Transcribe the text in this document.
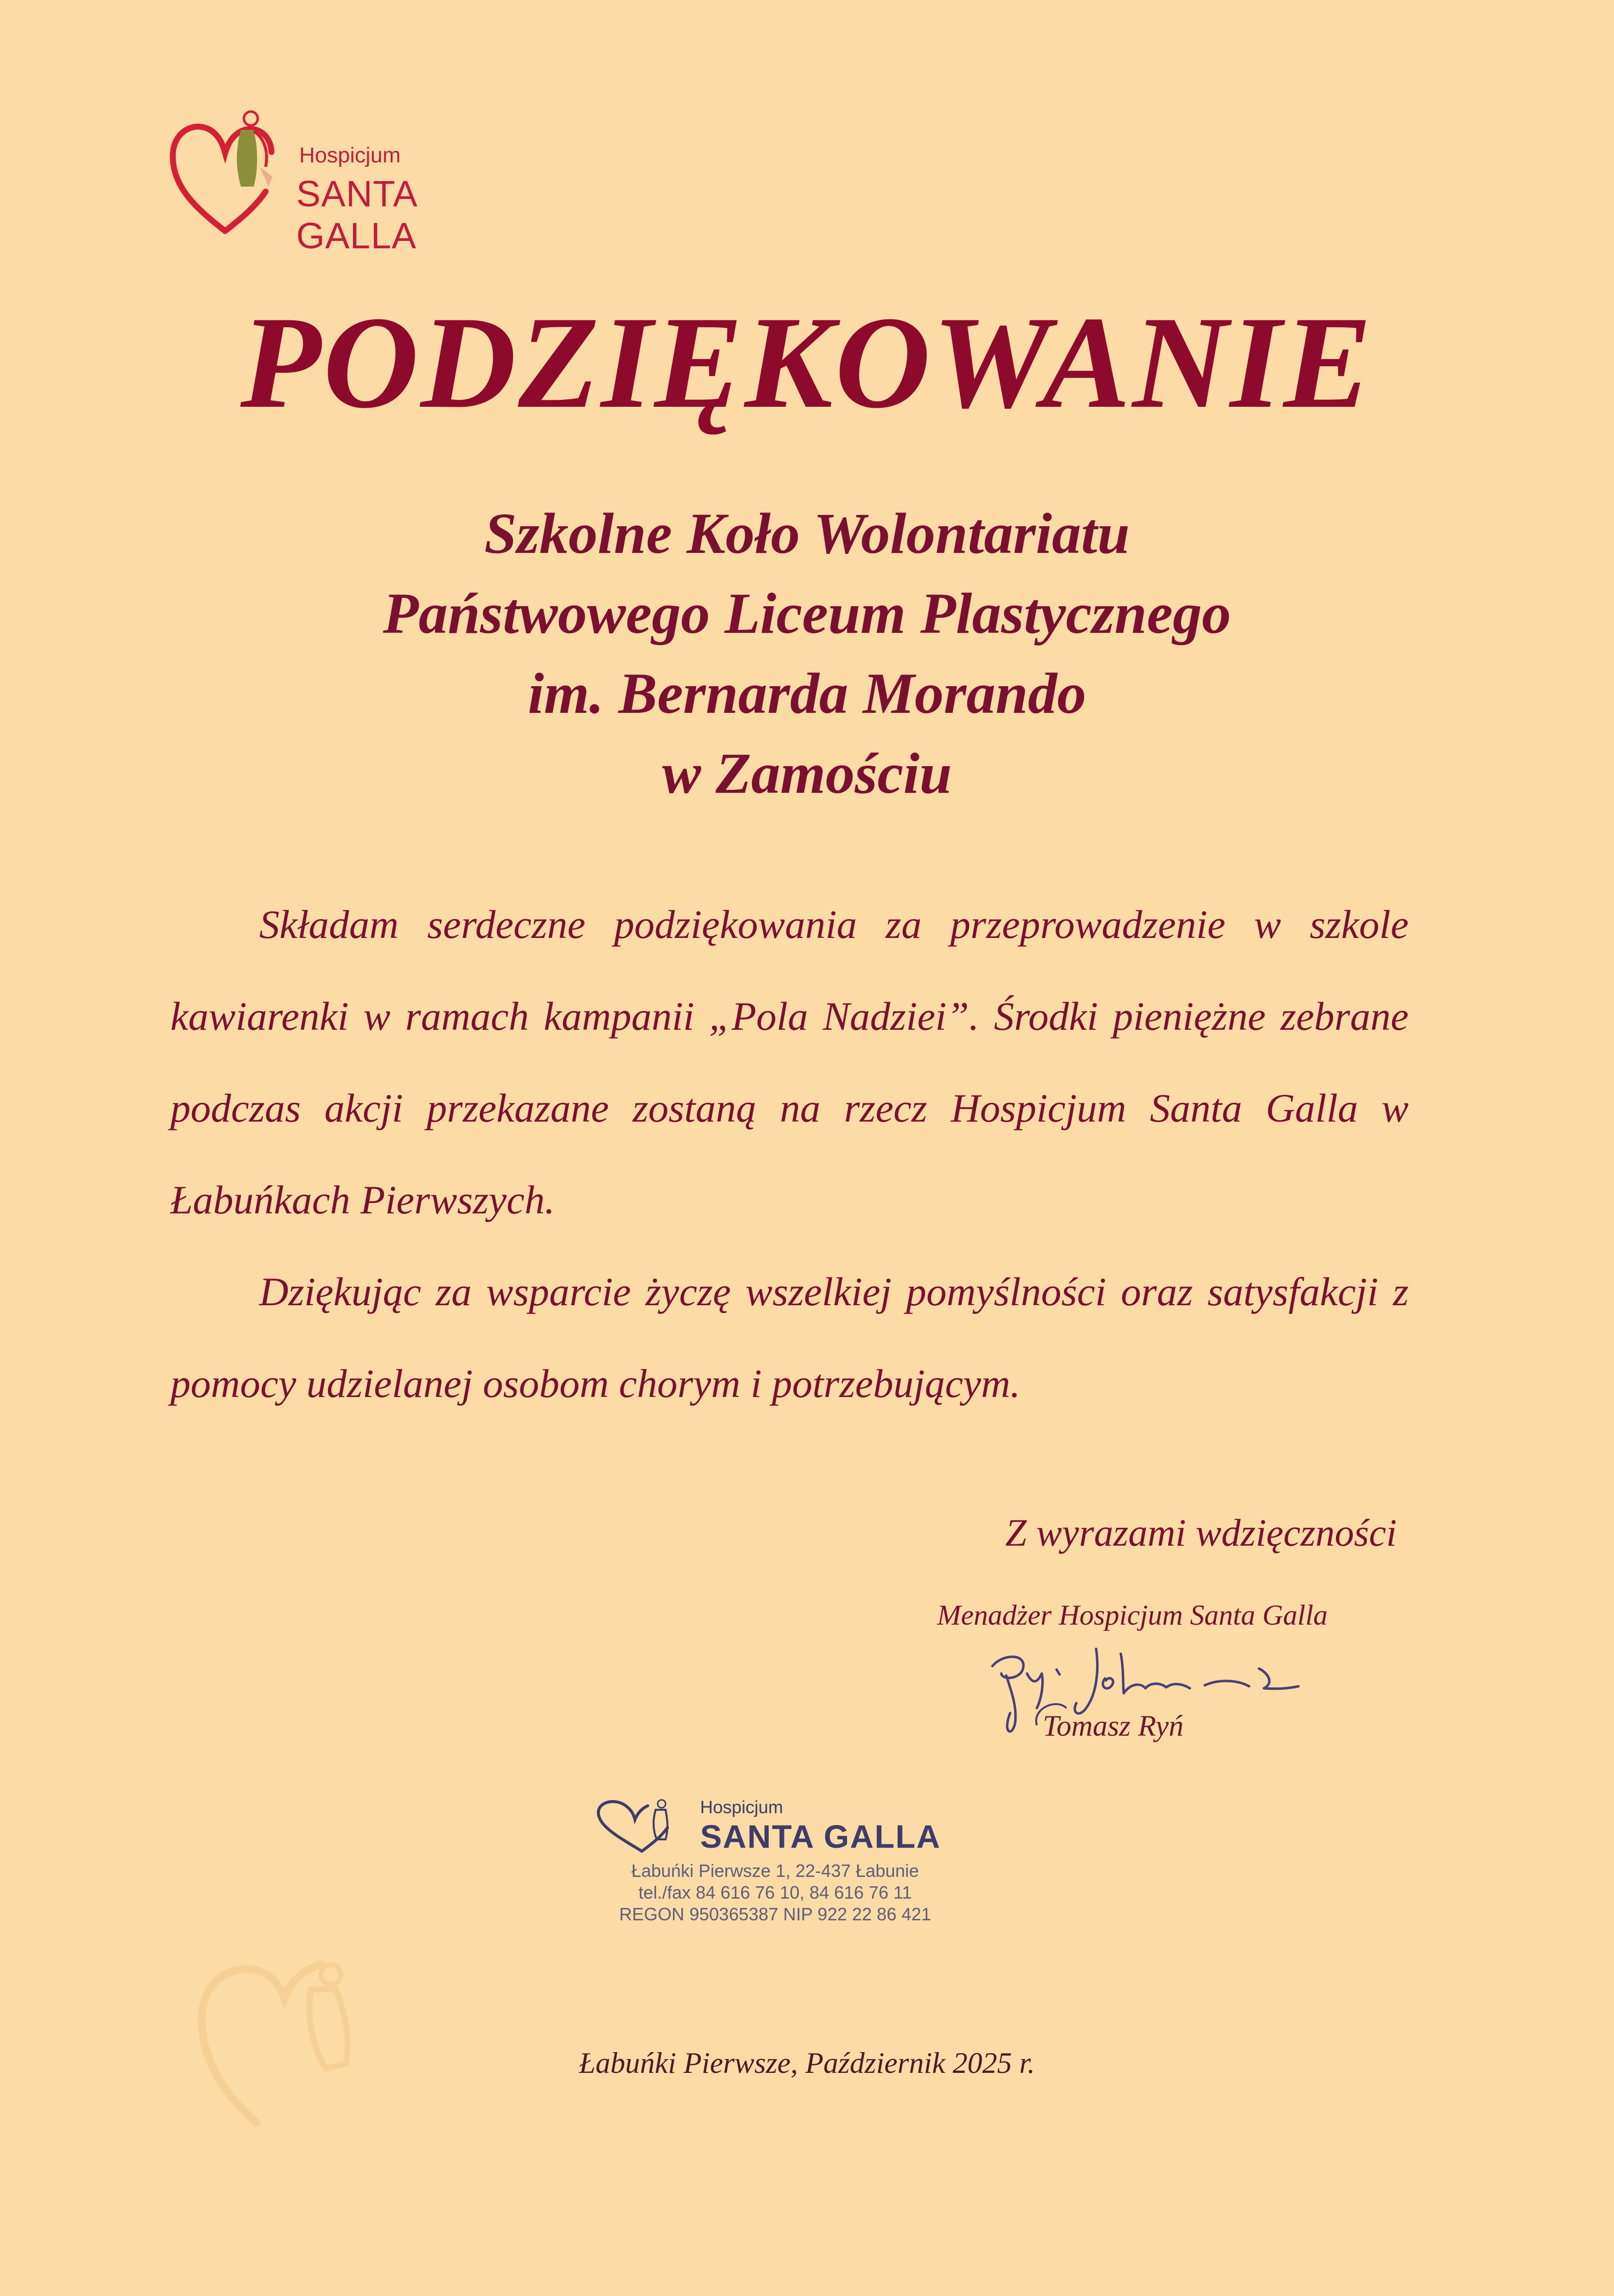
Hospicjum
SANTA GALLA
PODZIĘKOWANIE
Szkolne Koło Wolontariatu
Państwowego Liceum Plastycznego
im. Bernarda Morando
w Zamościu

Składam serdeczne podziękowania za przeprowadzenie w szkole kawiarenki w ramach kampanii „Pola Nadziei”. Środki pieniężne zebrane podczas akcji przekazane zostaną na rzecz Hospicjum Santa Galla w Łabuńkach Pierwszych.

Dziękując za wsparcie życzę wszelkiej pomyślności oraz satysfakcji z pomocy udzielanej osobom chorym i potrzebującym.

Z wyrazami wdzięczności
Menadżer Hospicjum Santa Galla
Tomasz Ryń
Hospicjum
SANTA GALLA
Łabuńki Pierwsze 1, 22-437 Łabunie
tel./fax 84 616 76 10, 84 616 76 11
REGON 950365387 NIP 922 22 86 421
Łabuńki Pierwsze, Październik 2025 r.
